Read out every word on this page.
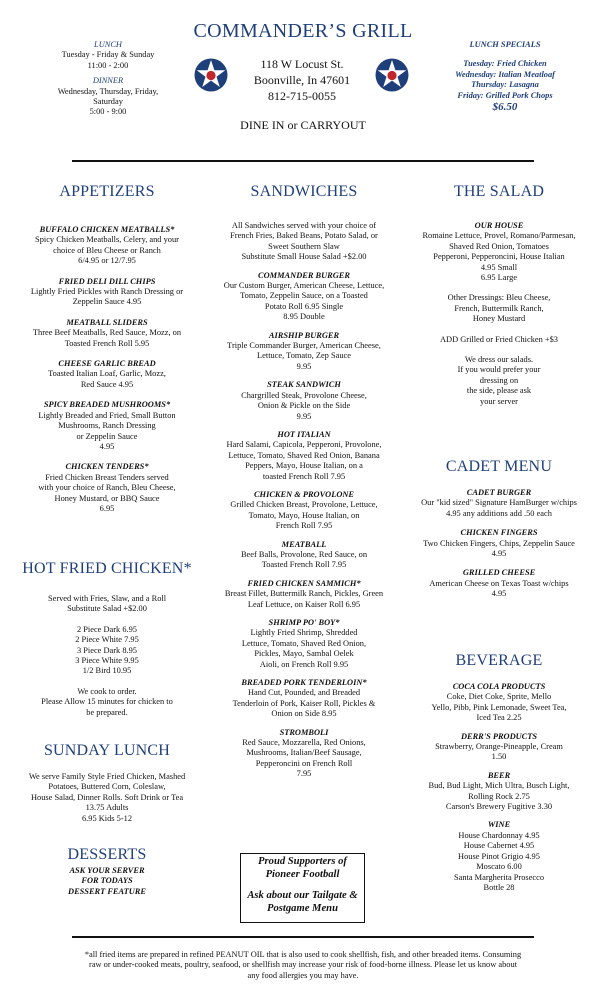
LUNCH
Tuesday - Friday & Sunday
11:00 - 2:00
DINNER
Wednesday, Thursday, Friday,
Saturday
5:00 - 9:00
COMMANDER’S GRILL
118 W Locust St.
Boonville, In 47601
812-715-0055
DINE IN or CARRYOUT
LUNCH SPECIALS
Tuesday: Fried Chicken
Wednesday: Italian Meatloaf
Thursday: Lasagna
Friday: Grilled Pork Chops
$6.50
APPETIZERS
BUFFALO CHICKEN MEATBALLS*
Spicy Chicken Meatballs, Celery, and your
choice of Bleu Cheese or Ranch
6/4.95 or 12/7.95
FRIED DELI DILL CHIPS
Lightly Fried Pickles with Ranch Dressing or
Zeppelin Sauce 4.95
MEATBALL SLIDERS
Three Beef Meatballs, Red Sauce, Mozz, on
Toasted French Roll 5.95
CHEESE GARLIC BREAD
Toasted Italian Loaf, Garlic, Mozz,
Red Sauce 4.95
SPICY BREADED MUSHROOMS*
Lightly Breaded and Fried, Small Button
Mushrooms, Ranch Dressing
or Zeppelin Sauce
4.95
CHICKEN TENDERS*
Fried Chicken Breast Tenders served
with your choice of Ranch, Bleu Cheese,
Honey Mustard, or BBQ Sauce
6.95
HOT FRIED CHICKEN*
Served with Fries, Slaw, and a Roll
Substitute Salad +$2.00
2 Piece Dark 6.95
2 Piece White 7.95
3 Piece Dark 8.95
3 Piece White 9.95
1/2 Bird 10.95
We cook to order.
Please Allow 15 minutes for chicken to
be prepared.
SUNDAY LUNCH
We serve Family Style Fried Chicken, Mashed
Potatoes, Buttered Corn, Coleslaw,
House Salad, Dinner Rolls. Soft Drink or Tea
13.75 Adults
6.95 Kids 5-12
DESSERTS
ASK YOUR SERVER
FOR TODAYS
DESSERT FEATURE
SANDWICHES
All Sandwiches served with your choice of
French Fries, Baked Beans, Potato Salad, or
Sweet Southern Slaw
Substitute Small House Salad +$2.00
COMMANDER BURGER
Our Custom Burger, American Cheese, Lettuce,
Tomato, Zeppelin Sauce, on a Toasted
Potato Roll 6.95 Single
8.95 Double
AIRSHIP BURGER
Triple Commander Burger, American Cheese,
Lettuce, Tomato, Zep Sauce
9.95
STEAK SANDWICH
Chargrilled Steak, Provolone Cheese,
Onion & Pickle on the Side
9.95
HOT ITALIAN
Hard Salami, Capicola, Pepperoni, Provolone,
Lettuce, Tomato, Shaved Red Onion, Banana
Peppers, Mayo, House Italian, on a
toasted French Roll 7.95
CHICKEN & PROVOLONE
Grilled Chicken Breast, Provolone, Lettuce,
Tomato, Mayo, House Italian, on
French Roll 7.95
MEATBALL
Beef Balls, Provolone, Red Sauce, on
Toasted French Roll 7.95
FRIED CHICKEN SAMMICH*
Breast Fillet, Buttermilk Ranch, Pickles, Green
Leaf Lettuce, on Kaiser Roll 6.95
SHRIMP PO' BOY*
Lightly Fried Shrimp, Shredded
Lettuce, Tomato, Shaved Red Onion,
Pickles, Mayo, Sambal Oelek
Aioli, on French Roll 9.95
BREADED PORK TENDERLOIN*
Hand Cut, Pounded, and Breaded
Tenderloin of Pork, Kaiser Roll, Pickles &
Onion on Side 8.95
STROMBOLI
Red Sauce, Mozzarella, Red Onions,
Mushrooms, Italian/Beef Sausage,
Pepperoncini on French Roll
7.95
Proud Supporters of
Pioneer Football
Ask about our Tailgate &
Postgame Menu
THE SALAD
OUR HOUSE
Romaine Lettuce, Provel, Romano/Parmesan,
Shaved Red Onion, Tomatoes
Pepperoni, Pepperoncini, House Italian
4.95 Small
6.95 Large
Other Dressings: Bleu Cheese,
French, Buttermilk Ranch,
Honey Mustard
ADD Grilled or Fried Chicken +$3
We dress our salads.
If you would prefer your
dressing on
the side, please ask
your server
CADET MENU
CADET BURGER
Our "kid sized" Signature HamBurger w/chips
4.95 any additions add .50 each
CHICKEN FINGERS
Two Chicken Fingers, Chips, Zeppelin Sauce
4.95
GRILLED CHEESE
American Cheese on Texas Toast w/chips
4.95
BEVERAGE
COCA COLA PRODUCTS
Coke, Diet Coke, Sprite, Mello
Yello, Pibb, Pink Lemonade, Sweet Tea,
Iced Tea 2.25
DERR'S PRODUCTS
Strawberry, Orange-Pineapple, Cream
1.50
BEER
Bud, Bud Light, Mich Ultra, Busch Light,
Rolling Rock 2.75
Carson's Brewery Fugitive 3.30
WINE
House Chardonnay 4.95
House Cabernet 4.95
House Pinot Grigio 4.95
Moscato 6.00
Santa Margherita Prosecco
Bottle 28
*all fried items are prepared in refined PEANUT OIL that is also used to cook shellfish, fish, and other breaded items. Consuming
raw or under-cooked meats, poultry, seafood, or shellfish may increase your risk of food-borne illness. Please let us know about
any food allergies you may have.
